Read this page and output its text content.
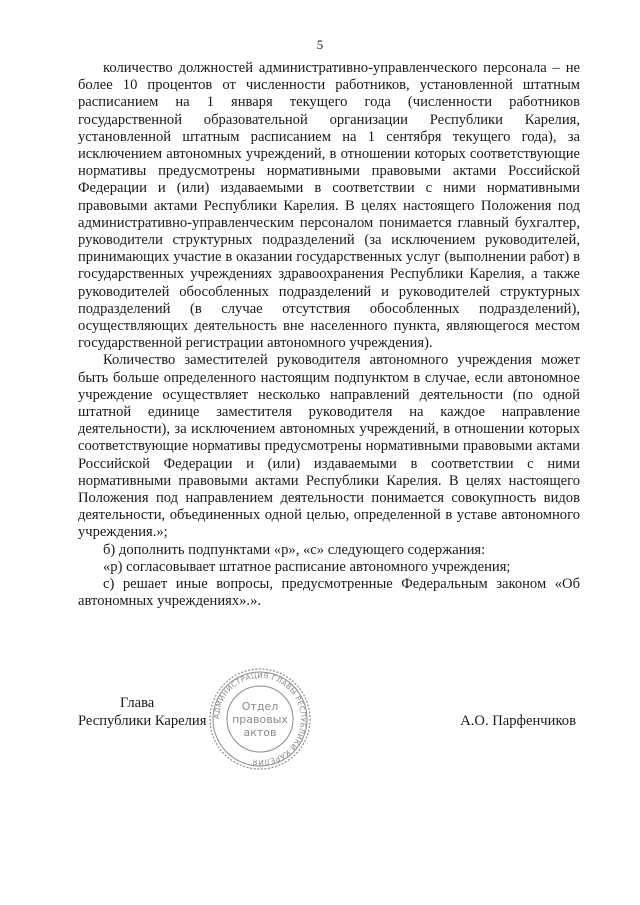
5

количество должностей административно-управленческого персонала – не более 10 процентов от численности работников, установленной штатным расписанием на 1 января текущего года (численности работников государственной образовательной организации Республики Карелия, установленной штатным расписанием на 1 сентября текущего года), за исключением автономных учреждений, в отношении которых соответствующие нормативы предусмотрены нормативными правовыми актами Российской Федерации и (или) издаваемыми в соответствии с ними нормативными правовыми актами Республики Карелия. В целях настоящего Положения под административно-управленческим персоналом понимается главный бухгалтер, руководители структурных подразделений (за исключением руководителей, принимающих участие в оказании государственных услуг (выполнении работ) в государственных учреждениях здравоохранения Республики Карелия, а также руководителей обособленных подразделений и руководителей структурных подразделений (в случае отсутствия обособленных подразделений), осуществляющих деятельность вне населенного пункта, являющегося местом государственной регистрации автономного учреждения).

Количество заместителей руководителя автономного учреждения может быть больше определенного настоящим подпунктом в случае, если автономное учреждение осуществляет несколько направлений деятельности (по одной штатной единице заместителя руководителя на каждое направление деятельности), за исключением автономных учреждений, в отношении которых соответствующие нормативы предусмотрены нормативными правовыми актами Российской Федерации и (или) издаваемыми в соответствии с ними нормативными правовыми актами Республики Карелия. В целях настоящего Положения под направлением деятельности понимается совокупность видов деятельности, объединенных одной целью, определенной в уставе автономного учреждения.»;

б) дополнить подпунктами «р», «с» следующего содержания:

«р) согласовывает штатное расписание автономного учреждения;

с) решает иные вопросы, предусмотренные Федеральным законом «Об автономных учреждениях».».

Глава
Республики Карелия	А.О. Парфенчиков
АДМИНИСТРАЦИЯ ГЛАВЫ РЕСПУБЛИКИ КАРЕЛИЯ
Отдел
правовых
актов
